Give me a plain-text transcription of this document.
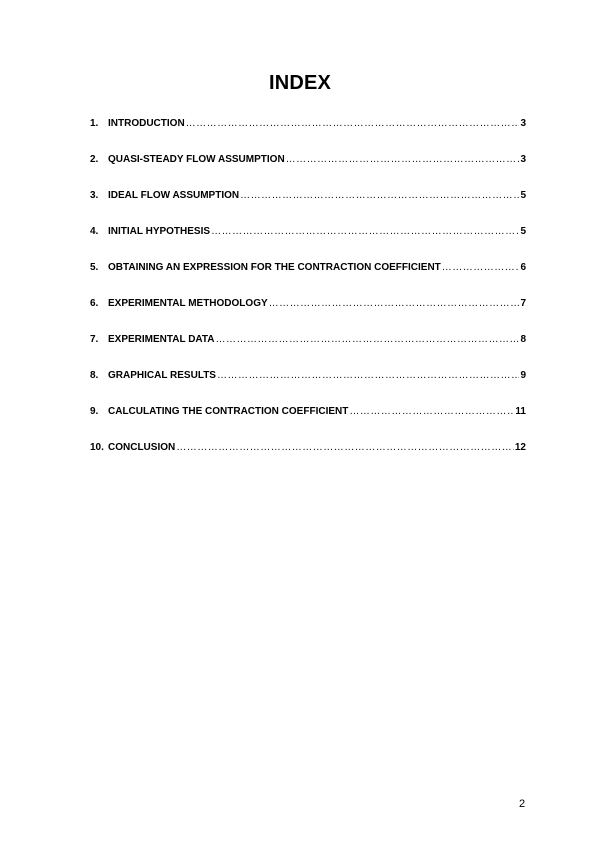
INDEX
1. INTRODUCTION ………………………………………………………………………………………………………………………………………………	3
2. QUASI-STEADY FLOW ASSUMPTION ………………………………………………………………………………………………………………………………………………	3
3. IDEAL FLOW ASSUMPTION ………………………………………………………………………………………………………………………………………………	5
4. INITIAL HYPOTHESIS ………………………………………………………………………………………………………………………………………………	5
5. OBTAINING AN EXPRESSION FOR THE CONTRACTION COEFFICIENT ………………………………………………………………………………………………………………………………………………	6
6. EXPERIMENTAL METHODOLOGY ………………………………………………………………………………………………………………………………………………	7
7. EXPERIMENTAL DATA ………………………………………………………………………………………………………………………………………………	8
8. GRAPHICAL RESULTS ………………………………………………………………………………………………………………………………………………	9
9. CALCULATING THE CONTRACTION COEFFICIENT ………………………………………………………………………………………………………………………………………………	11
10. CONCLUSION ………………………………………………………………………………………………………………………………………………	12
2
